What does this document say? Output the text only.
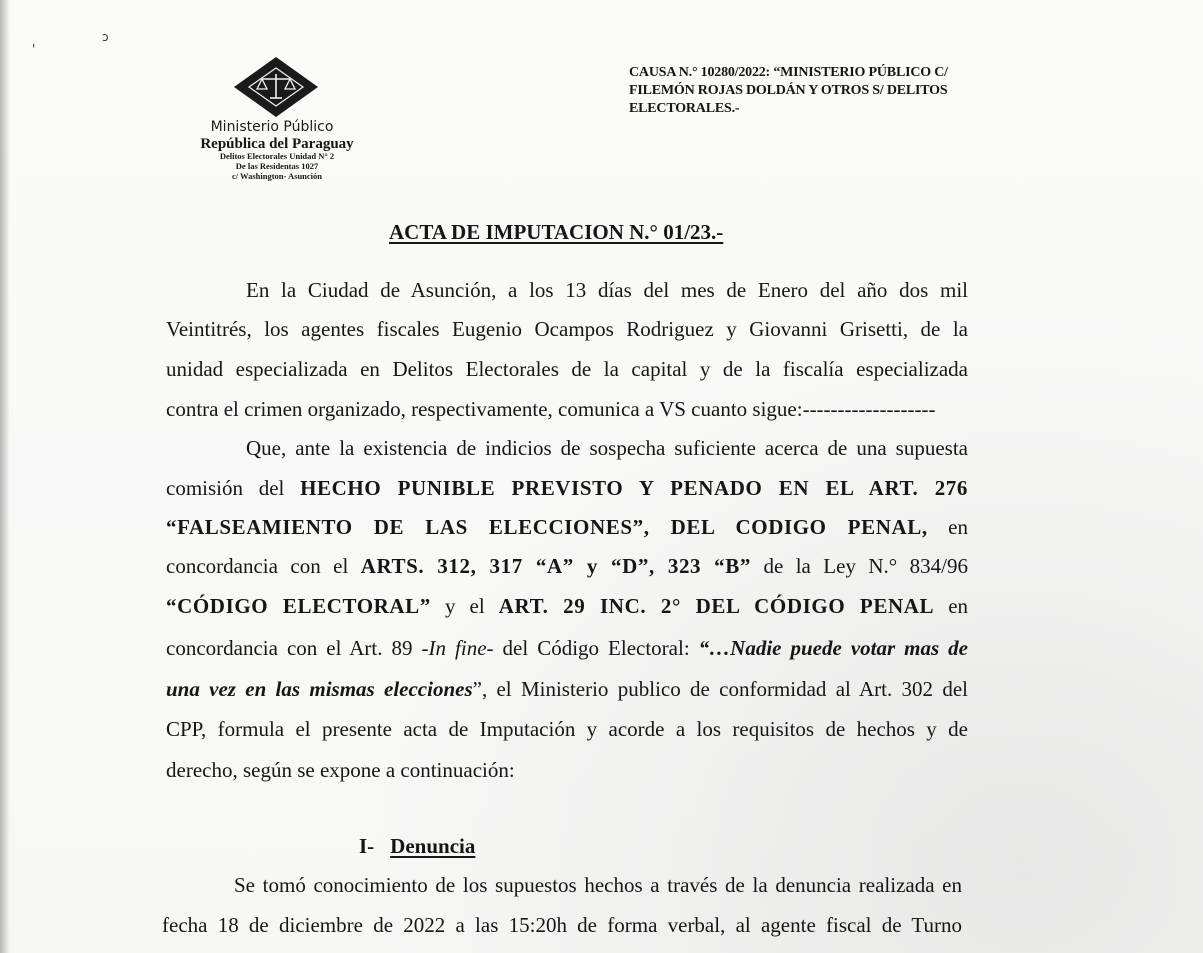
'
ɔ
Ministerio Público
República del Paraguay
Delitos Electorales Unidad N° 2
De las Residentas 1027
c/ Washington- Asunción
CAUSA N.° 10280/2022: “MINISTERIO PÚBLICO C/
FILEMÓN ROJAS DOLDÁN Y OTROS S/ DELITOS
ELECTORALES.-
ACTA DE IMPUTACION N.° 01/23.-
En la Ciudad de Asunción, a los 13 días del mes de Enero del año dos mil
Veintitrés, los agentes fiscales Eugenio Ocampos Rodriguez y Giovanni Grisetti, de la
unidad especializada en Delitos Electorales de la capital y de la fiscalía especializada
contra el crimen organizado, respectivamente, comunica a VS cuanto sigue:-------------------
Que, ante la existencia de indicios de sospecha suficiente acerca de una supuesta
comisión del HECHO PUNIBLE PREVISTO Y PENADO EN EL ART. 276
“FALSEAMIENTO DE LAS ELECCIONES”, DEL CODIGO PENAL, en
concordancia con el ARTS. 312, 317 “A” y “D”, 323 “B” de la Ley N.° 834/96
“CÓDIGO ELECTORAL” y el ART. 29 INC. 2° DEL CÓDIGO PENAL en
concordancia con el Art. 89 -In fine- del Código Electoral: “…Nadie puede votar mas de
una vez en las mismas elecciones”, el Ministerio publico de conformidad al Art. 302 del
CPP, formula el presente acta de Imputación y acorde a los requisitos de hechos y de
derecho, según se expone a continuación:
I- Denuncia
Se tomó conocimiento de los supuestos hechos a través de la denuncia realizada en
fecha 18 de diciembre de 2022 a las 15:20h de forma verbal, al agente fiscal de Turno
